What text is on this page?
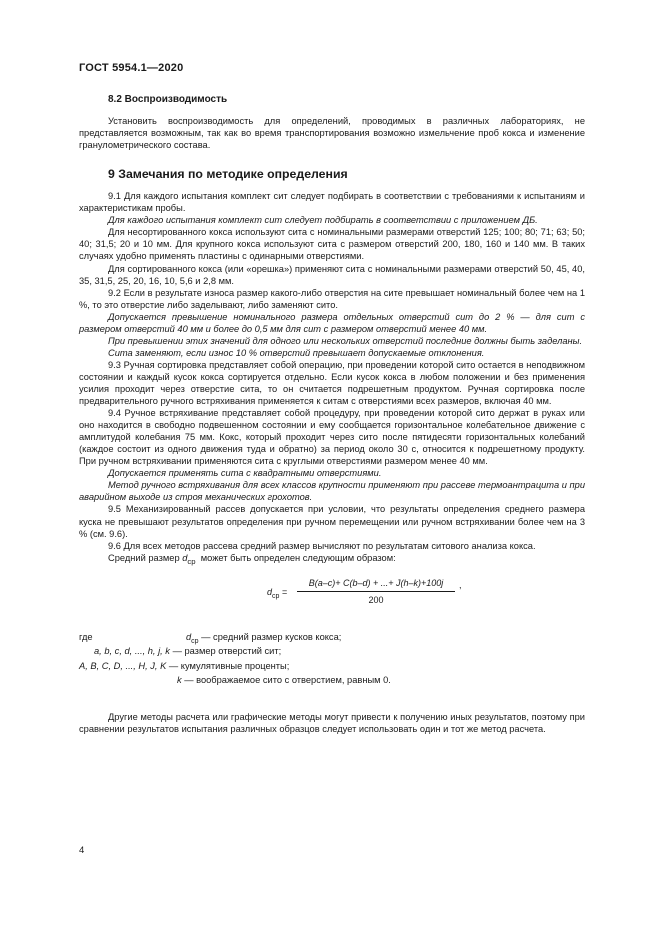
ГОСТ 5954.1—2020

8.2 Воспроизводимость

Установить воспроизводимость для определений, проводимых в различных лабораториях, не представляется возможным, так как во время транспортирования возможно измельчение проб кокса и изменение гранулометрического состава.

9 Замечания по методике определения

9.1 Для каждого испытания комплект сит следует подбирать в соответствии с требованиями к испытаниям и характеристикам пробы.

Для каждого испытания комплект сит следует подбирать в соответствии с приложением ДБ.

Для несортированного кокса используют сита с номинальными размерами отверстий 125; 100; 80; 71; 63; 50; 40; 31,5; 20 и 10 мм. Для крупного кокса используют сита с размером отверстий 200, 180, 160 и 140 мм. В таких случаях удобно применять пластины с одинарными отверстиями.

Для сортированного кокса (или «орешка») применяют сита с номинальными размерами отверстий 50, 45, 40, 35, 31,5, 25, 20, 16, 10, 5,6 и 2,8 мм.

9.2 Если в результате износа размер какого-либо отверстия на сите превышает номинальный более чем на 1 %, то это отверстие либо заделывают, либо заменяют сито.

Допускается превышение номинального размера отдельных отверстий сит до 2 % — для сит с размером отверстий 40 мм и более до 0,5 мм для сит с размером отверстий менее 40 мм.

При превышении этих значений для одного или нескольких отверстий последние должны быть заделаны.

Сита заменяют, если износ 10 % отверстий превышает допускаемые отклонения.

9.3 Ручная сортировка представляет собой операцию, при проведении которой сито остается в неподвижном состоянии и каждый кусок кокса сортируется отдельно. Если кусок кокса в любом положении и без применения усилия проходит через отверстие сита, то он считается подрешетным продуктом. Ручная сортировка после предварительного ручного встряхивания применяется к ситам с отверстиями всех размеров, включая 40 мм.

9.4 Ручное встряхивание представляет собой процедуру, при проведении которой сито держат в руках или оно находится в свободно подвешенном состоянии и ему сообщается горизонтальное колебательное движение с амплитудой колебания 75 мм. Кокс, который проходит через сито после пятидесяти горизонтальных колебаний (каждое состоит из одного движения туда и обратно) за период около 30 с, относится к подрешетному продукту. При ручном встряхивании применяются сита с круглыми отверстиями размером менее 40 мм.

Допускается применять сита с квадратными отверстиями.

Метод ручного встряхивания для всех классов крупности применяют при рассеве термоантрацита и при аварийном выходе из строя механических грохотов.

9.5 Механизированный рассев допускается при условии, что результаты определения среднего размера куска не превышают результатов определения при ручном перемещении или ручном встряхивании более чем на 3 % (см. 9.6).

9.6 Для всех методов рассева средний размер вычисляют по результатам ситового анализа кокса.

Средний размер $d_{ср}$ может быть определен следующим образом:

$d_{ср} = \frac{B(a-c)+ C(b-d) + ...+ J(h-k)+100j}{200}$ ,
где	$d_{ср}$ — средний размер кусков кокса;
a, b, c, d, ..., h, j, k — размер отверстий сит;
A, B, C, D, ..., H, J, K — кумулятивные проценты;
k — воображаемое сито с отверстием, равным 0.

Другие методы расчета или графические методы могут привести к получению иных результатов, поэтому при сравнении результатов испытания различных образцов следует использовать один и тот же метод расчета.

4
